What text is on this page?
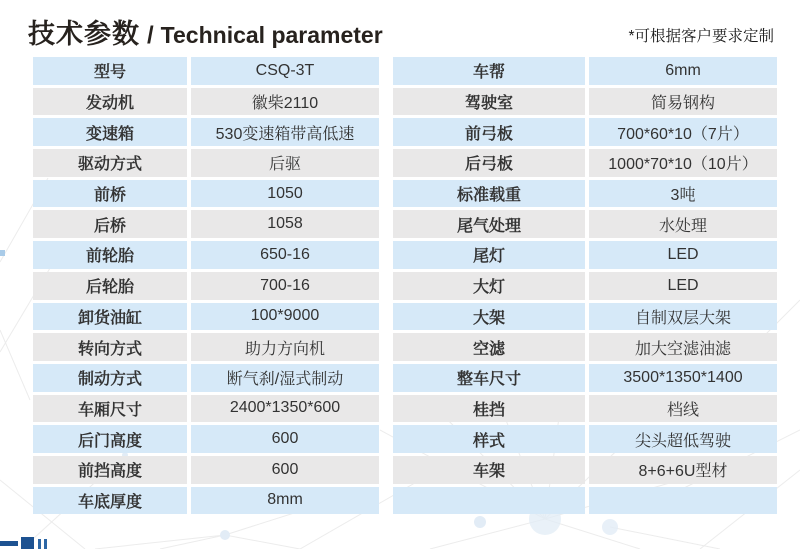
技术参数 / Technical parameter	*可根据客户要求定制
型号	CSQ-3T
发动机	徽柴2110
变速箱	530变速箱带高低速
驱动方式	后驱
前桥	1050
后桥	1058
前轮胎	650-16
后轮胎	700-16
卸货油缸	100*9000
转向方式	助力方向机
制动方式	断气刹/湿式制动
车厢尺寸	2400*1350*600
后门高度	600
前挡高度	600
车底厚度	8mm
车帮	6mm
驾驶室	简易钢构
前弓板	700*60*10（7片）
后弓板	1000*70*10（10片）
标准载重	3吨
尾气处理	水处理
尾灯	LED
大灯	LED
大架	自制双层大架
空滤	加大空滤油滤
整车尺寸	3500*1350*1400
桂挡	档线
样式	尖头超低驾驶
车架	8+6+6U型材
